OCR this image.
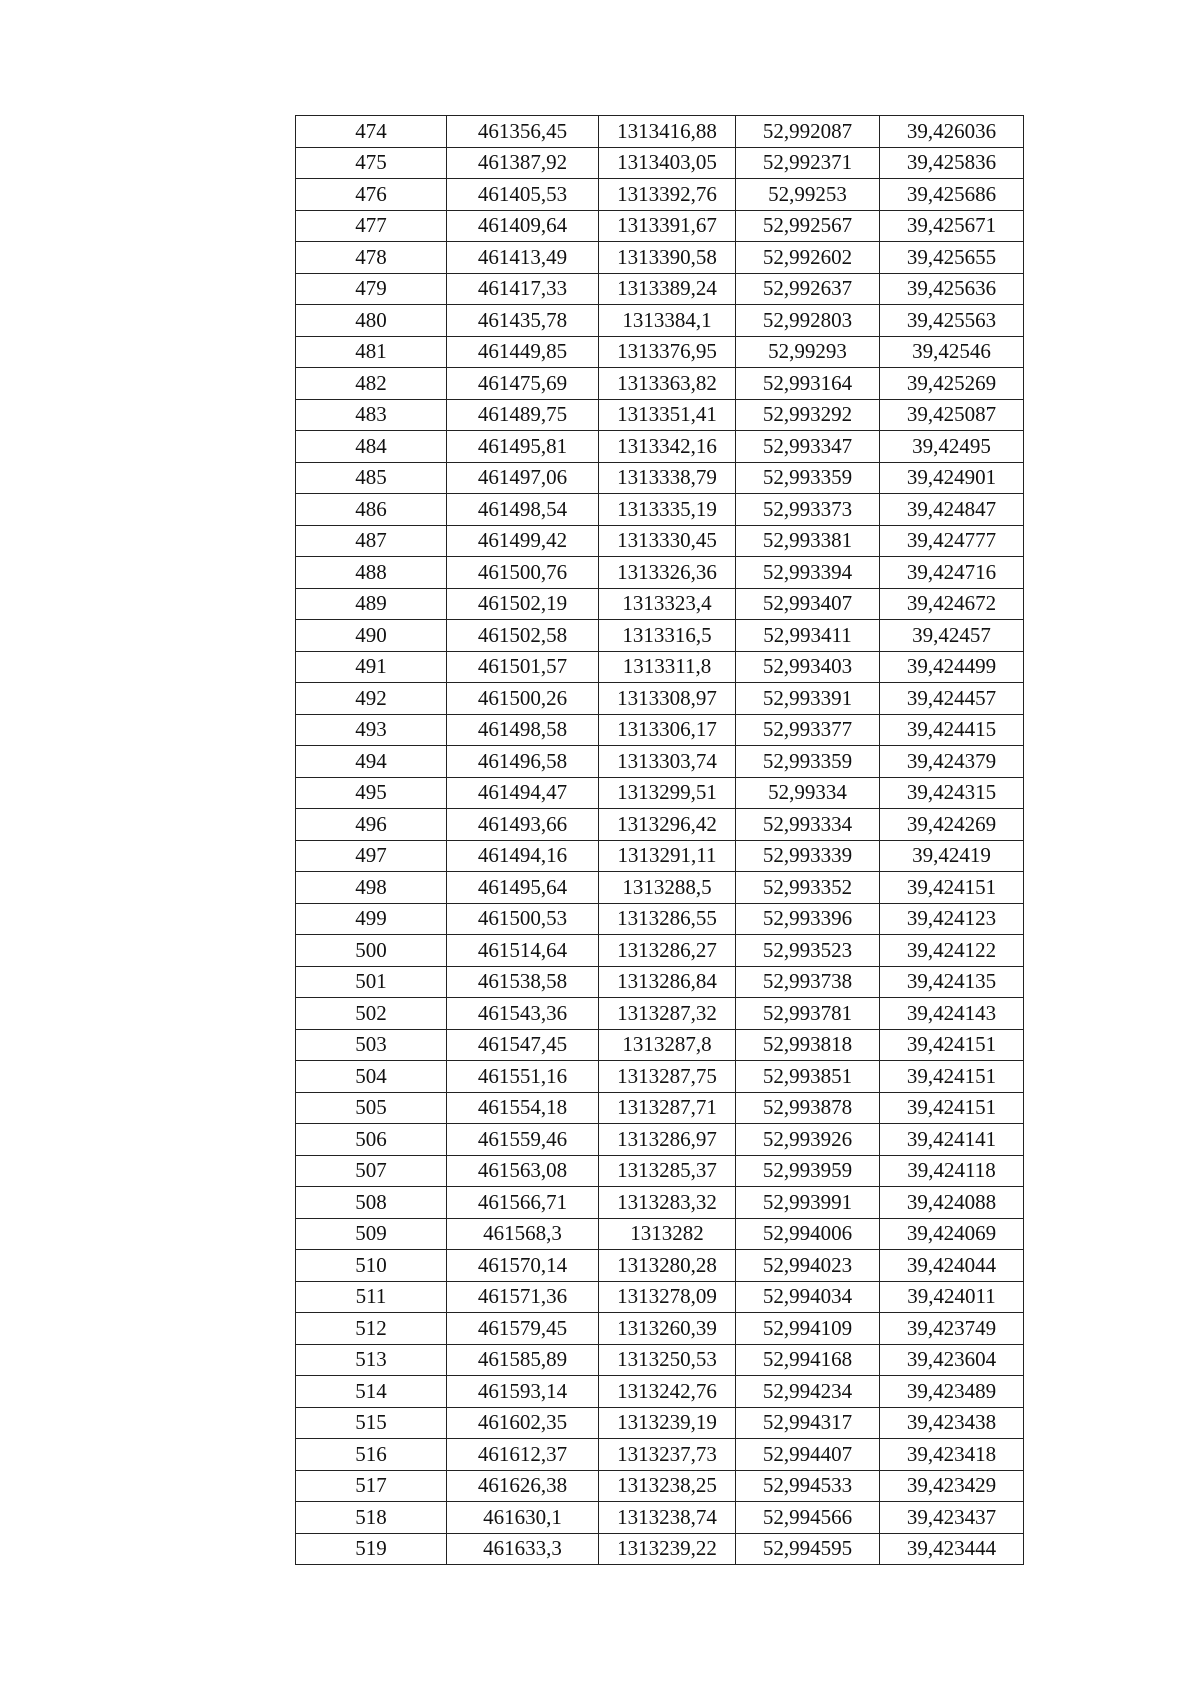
474	461356,45	1313416,88	52,992087	39,426036
475	461387,92	1313403,05	52,992371	39,425836
476	461405,53	1313392,76	52,99253	39,425686
477	461409,64	1313391,67	52,992567	39,425671
478	461413,49	1313390,58	52,992602	39,425655
479	461417,33	1313389,24	52,992637	39,425636
480	461435,78	1313384,1	52,992803	39,425563
481	461449,85	1313376,95	52,99293	39,42546
482	461475,69	1313363,82	52,993164	39,425269
483	461489,75	1313351,41	52,993292	39,425087
484	461495,81	1313342,16	52,993347	39,42495
485	461497,06	1313338,79	52,993359	39,424901
486	461498,54	1313335,19	52,993373	39,424847
487	461499,42	1313330,45	52,993381	39,424777
488	461500,76	1313326,36	52,993394	39,424716
489	461502,19	1313323,4	52,993407	39,424672
490	461502,58	1313316,5	52,993411	39,42457
491	461501,57	1313311,8	52,993403	39,424499
492	461500,26	1313308,97	52,993391	39,424457
493	461498,58	1313306,17	52,993377	39,424415
494	461496,58	1313303,74	52,993359	39,424379
495	461494,47	1313299,51	52,99334	39,424315
496	461493,66	1313296,42	52,993334	39,424269
497	461494,16	1313291,11	52,993339	39,42419
498	461495,64	1313288,5	52,993352	39,424151
499	461500,53	1313286,55	52,993396	39,424123
500	461514,64	1313286,27	52,993523	39,424122
501	461538,58	1313286,84	52,993738	39,424135
502	461543,36	1313287,32	52,993781	39,424143
503	461547,45	1313287,8	52,993818	39,424151
504	461551,16	1313287,75	52,993851	39,424151
505	461554,18	1313287,71	52,993878	39,424151
506	461559,46	1313286,97	52,993926	39,424141
507	461563,08	1313285,37	52,993959	39,424118
508	461566,71	1313283,32	52,993991	39,424088
509	461568,3	1313282	52,994006	39,424069
510	461570,14	1313280,28	52,994023	39,424044
511	461571,36	1313278,09	52,994034	39,424011
512	461579,45	1313260,39	52,994109	39,423749
513	461585,89	1313250,53	52,994168	39,423604
514	461593,14	1313242,76	52,994234	39,423489
515	461602,35	1313239,19	52,994317	39,423438
516	461612,37	1313237,73	52,994407	39,423418
517	461626,38	1313238,25	52,994533	39,423429
518	461630,1	1313238,74	52,994566	39,423437
519	461633,3	1313239,22	52,994595	39,423444
